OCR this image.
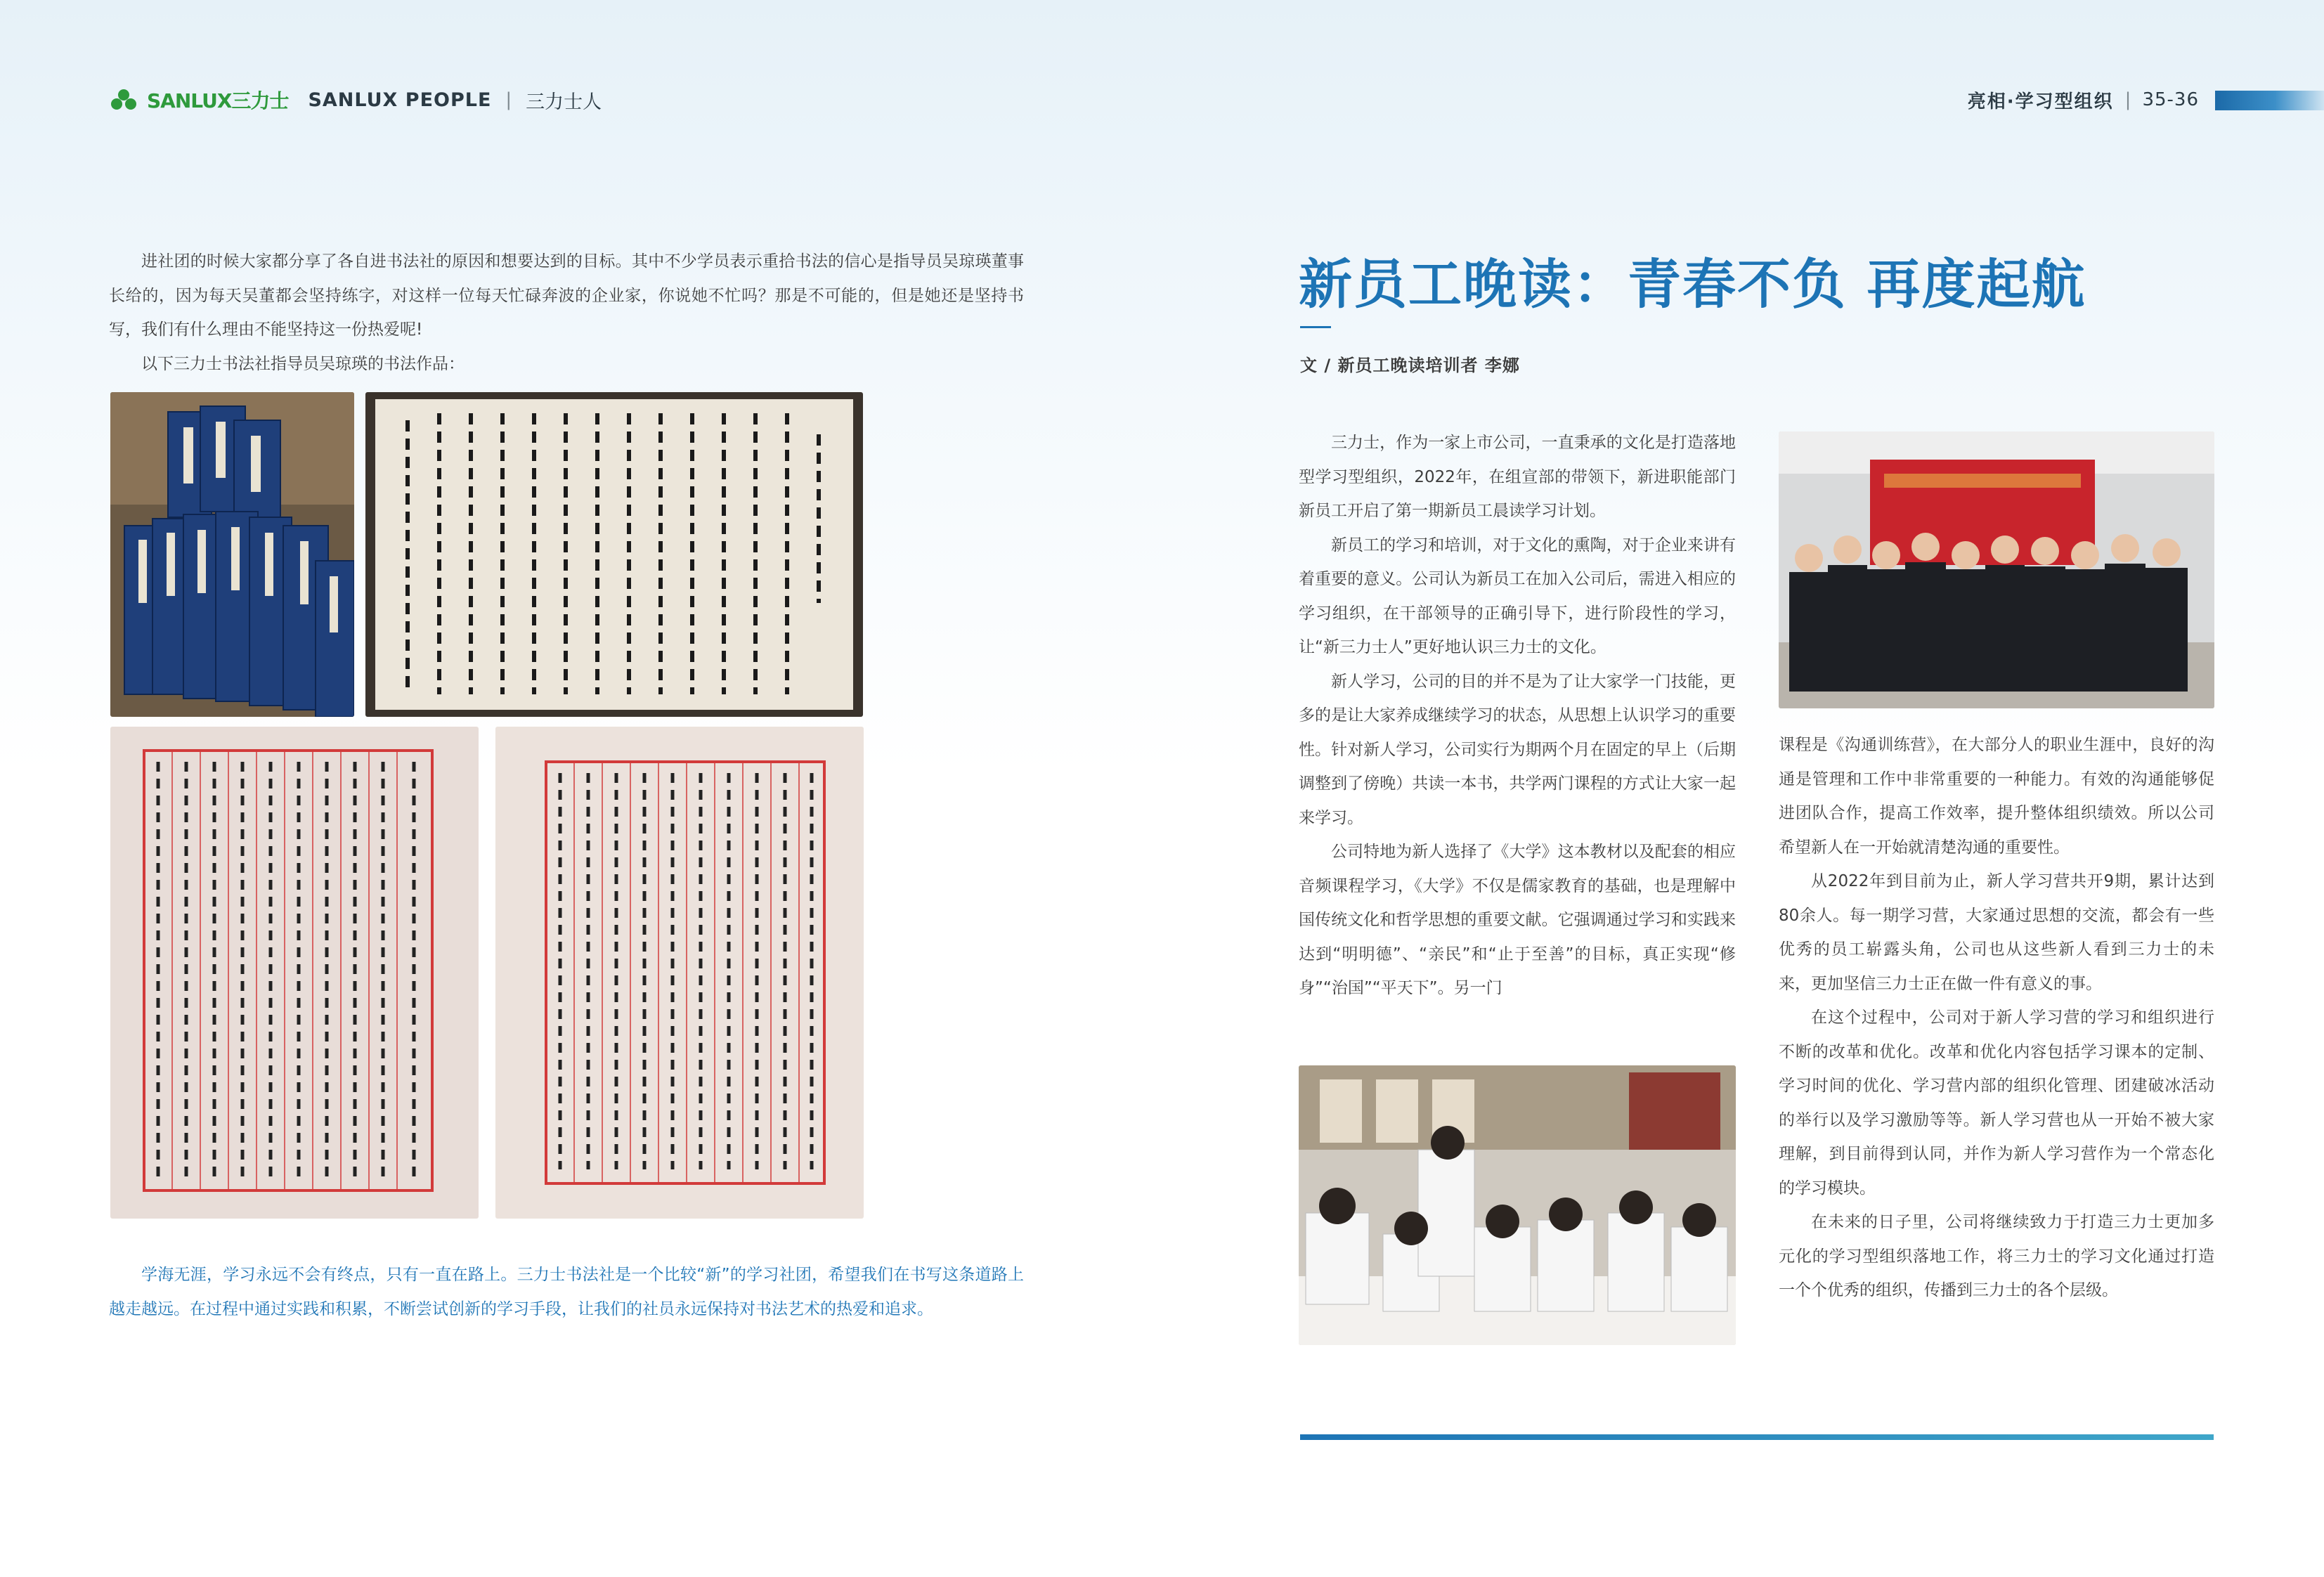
SANLUX三力士 SANLUX PEOPLE | 三力士人	亮相·学习型组织 | 35-36

进社团的时候大家都分享了各自进书法社的原因和想要达到的目标。其中不少学员表示重拾书法的信心是指导员吴琼瑛董事长给的，因为每天吴董都会坚持练字，对这样一位每天忙碌奔波的企业家，你说她不忙吗？那是不可能的，但是她还是坚持书写，我们有什么理由不能坚持这一份热爱呢!

以下三力士书法社指导员吴琼瑛的书法作品：

学海无涯，学习永远不会有终点，只有一直在路上。三力士书法社是一个比较“新”的学习社团，希望我们在书写这条道路上越走越远。在过程中通过实践和积累，不断尝试创新的学习手段，让我们的社员永远保持对书法艺术的热爱和追求。

新员工晚读：青春不负 再度起航
文 / 新员工晚读培训者 李娜

三力士，作为一家上市公司，一直秉承的文化是打造落地型学习型组织，2022年，在组宣部的带领下，新进职能部门新员工开启了第一期新员工晨读学习计划。

新员工的学习和培训，对于文化的熏陶，对于企业来讲有着重要的意义。公司认为新员工在加入公司后，需进入相应的学习组织，在干部领导的正确引导下，进行阶段性的学习，让“新三力士人”更好地认识三力士的文化。

新人学习，公司的目的并不是为了让大家学一门技能，更多的是让大家养成继续学习的状态，从思想上认识学习的重要性。针对新人学习，公司实行为期两个月在固定的早上（后期调整到了傍晚）共读一本书，共学两门课程的方式让大家一起来学习。

公司特地为新人选择了《大学》这本教材以及配套的相应音频课程学习，《大学》不仅是儒家教育的基础，也是理解中国传统文化和哲学思想的重要文献。它强调通过学习和实践来达到“明明德”、“亲民”和“止于至善”的目标，真正实现“修身”“治国”“平天下”。另一门

课程是《沟通训练营》，在大部分人的职业生涯中，良好的沟通是管理和工作中非常重要的一种能力。有效的沟通能够促进团队合作，提高工作效率，提升整体组织绩效。所以公司希望新人在一开始就清楚沟通的重要性。

从2022年到目前为止，新人学习营共开9期，累计达到80余人。每一期学习营，大家通过思想的交流，都会有一些优秀的员工崭露头角，公司也从这些新人看到三力士的未来，更加坚信三力士正在做一件有意义的事。

在这个过程中，公司对于新人学习营的学习和组织进行不断的改革和优化。改革和优化内容包括学习课本的定制、学习时间的优化、学习营内部的组织化管理、团建破冰活动的举行以及学习激励等等。新人学习营也从一开始不被大家理解，到目前得到认同，并作为新人学习营作为一个常态化的学习模块。

在未来的日子里，公司将继续致力于打造三力士更加多元化的学习型组织落地工作，将三力士的学习文化通过打造一个个优秀的组织，传播到三力士的各个层级。
